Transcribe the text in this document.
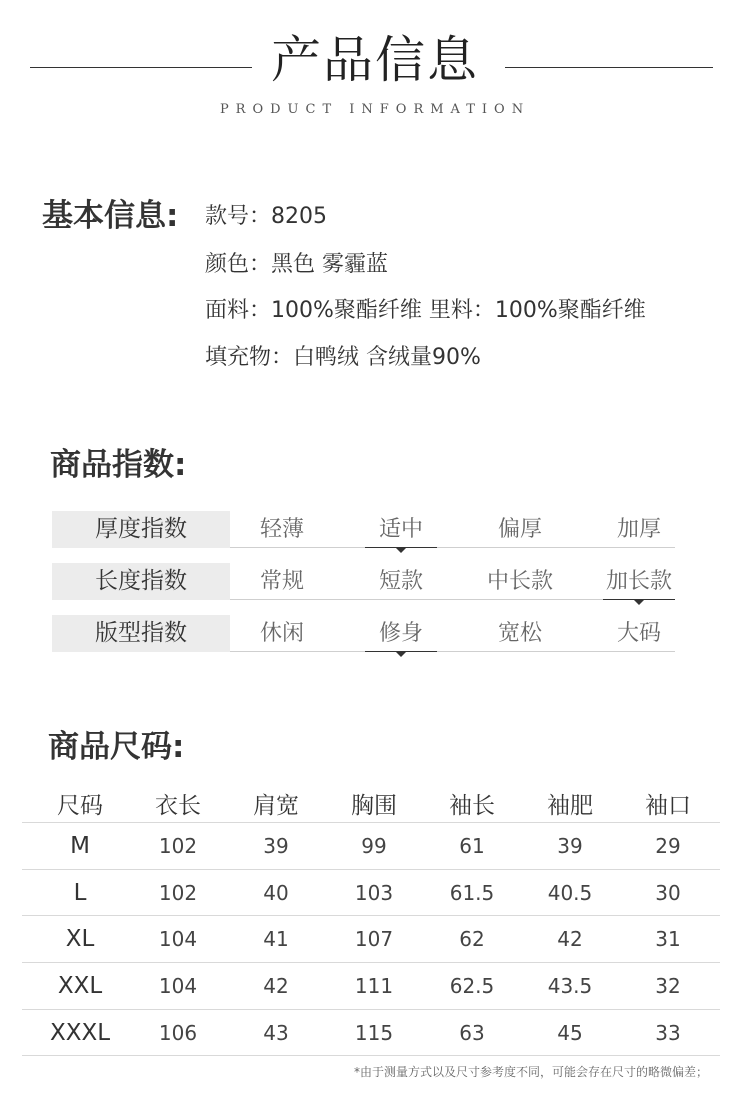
产品信息
PRODUCT INFORMATION
基本信息: 款号：8205
颜色：黑色 雾霾蓝
面料：100%聚酯纤维 里料：100%聚酯纤维
填充物：白鸭绒 含绒量90%
商品指数:
厚度指数	轻薄	适中	偏厚	加厚
长度指数	常规	短款	中长款	加长款
版型指数	休闲	修身	宽松	大码
商品尺码:
尺码	衣长	肩宽	胸围	袖长	袖肥	袖口
M	102	39	99	61	39	29
L	102	40	103	61.5	40.5	30
XL	104	41	107	62	42	31
XXL	104	42	111	62.5	43.5	32
XXXL	106	43	115	63	45	33
*由于测量方式以及尺寸参考度不同，可能会存在尺寸的略微偏差；
